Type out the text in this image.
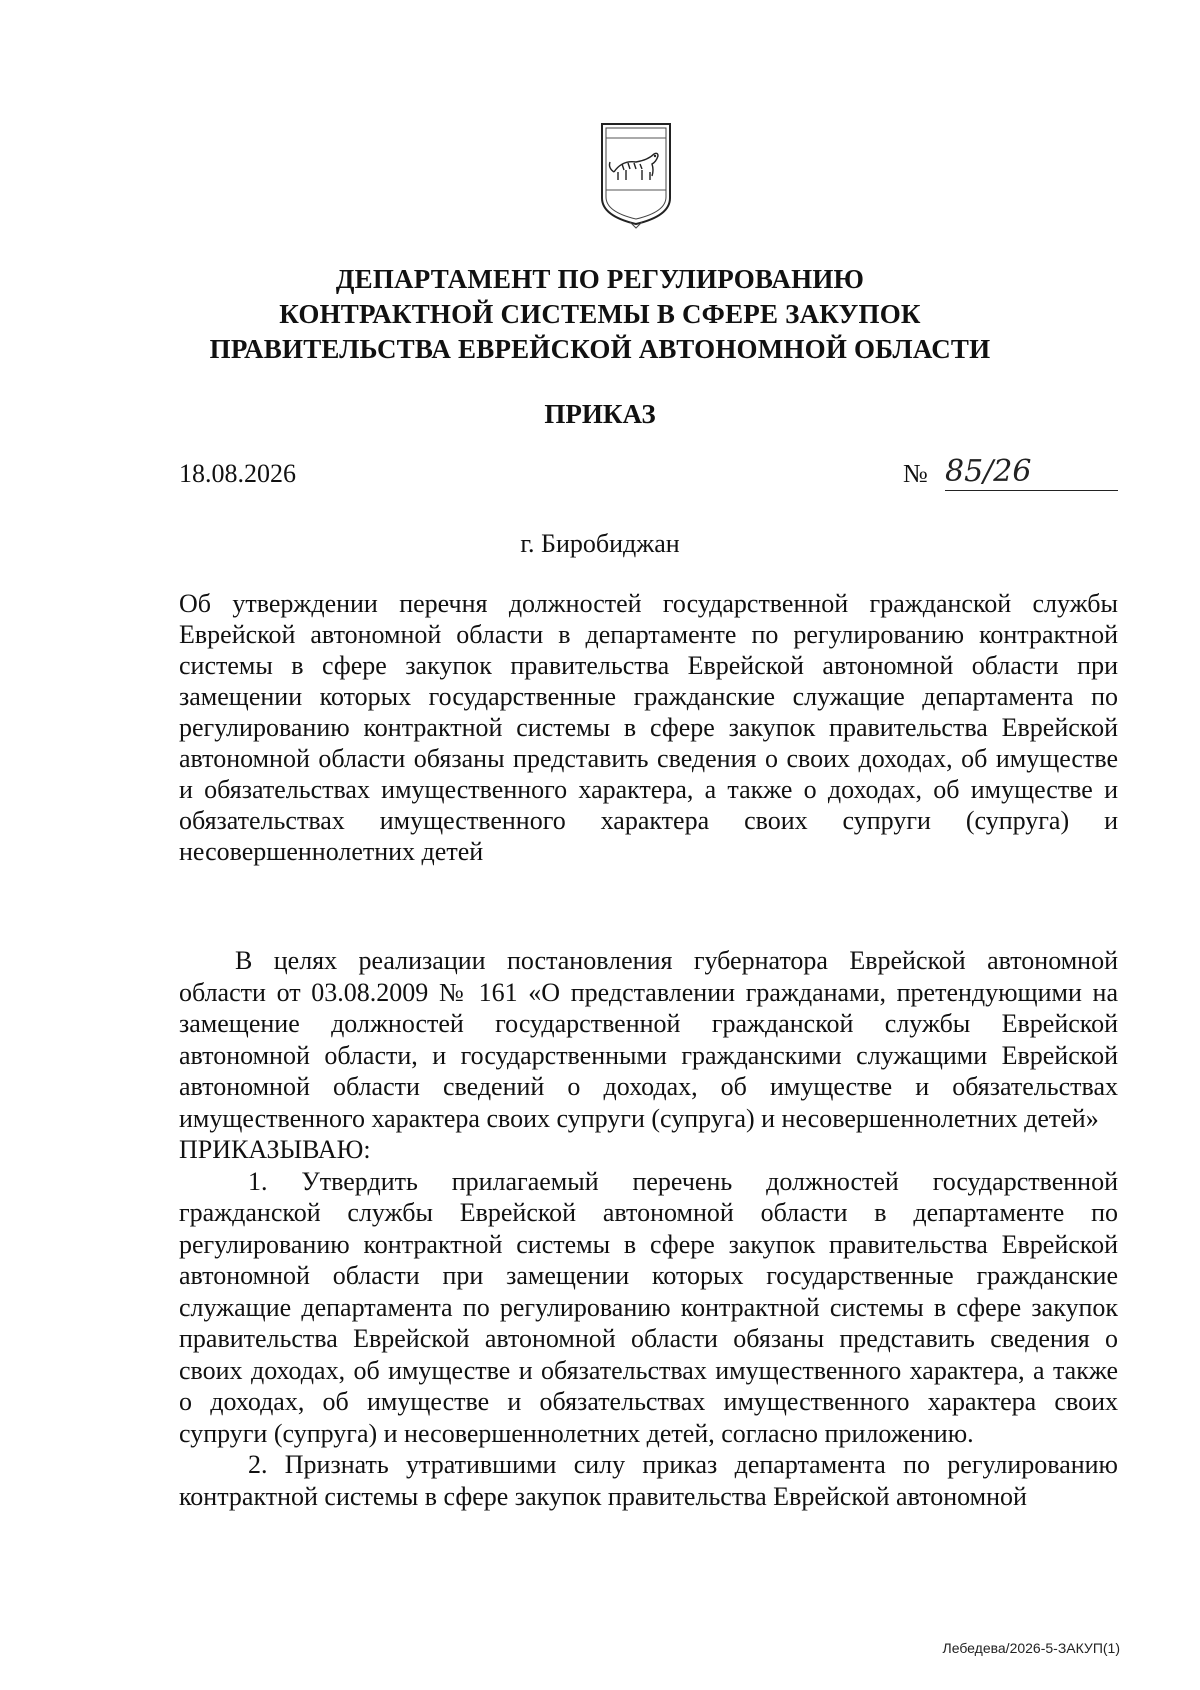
ДЕПАРТАМЕНТ ПО РЕГУЛИРОВАНИЮ
КОНТРАКТНОЙ СИСТЕМЫ В СФЕРЕ ЗАКУПОК
ПРАВИТЕЛЬСТВА ЕВРЕЙСКОЙ АВТОНОМНОЙ ОБЛАСТИ
ПРИКАЗ
18.08.2026	№ 85/26
г. Биробиджан
Об утверждении перечня должностей государственной гражданской службы Еврейской автономной области в департаменте по регулированию контрактной системы в сфере закупок правительства Еврейской автономной области при замещении которых государственные гражданские служащие департамента по регулированию контрактной системы в сфере закупок правительства Еврейской автономной области обязаны представить сведения о своих доходах, об имуществе и обязательствах имущественного характера, а также о доходах, об имуществе и обязательствах имущественного характера своих супруги (супруга) и несовершеннолетних детей

В целях реализации постановления губернатора Еврейской автономной области от 03.08.2009 № 161 «О представлении гражданами, претендующими на замещение должностей государственной гражданской службы Еврейской автономной области, и государственными гражданскими служащими Еврейской автономной области сведений о доходах, об имуществе и обязательствах имущественного характера своих супруги (супруга) и несовершеннолетних детей»

ПРИКАЗЫВАЮ:

1. Утвердить прилагаемый перечень должностей государственной гражданской службы Еврейской автономной области в департаменте по регулированию контрактной системы в сфере закупок правительства Еврейской автономной области при замещении которых государственные гражданские служащие департамента по регулированию контрактной системы в сфере закупок правительства Еврейской автономной области обязаны представить сведения о своих доходах, об имуществе и обязательствах имущественного характера, а также о доходах, об имуществе и обязательствах имущественного характера своих супруги (супруга) и несовершеннолетних детей, согласно приложению.

2. Признать утратившими силу приказ департамента по регулированию контрактной системы в сфере закупок правительства Еврейской автономной

Лебедева/2026-5-ЗАКУП(1)
